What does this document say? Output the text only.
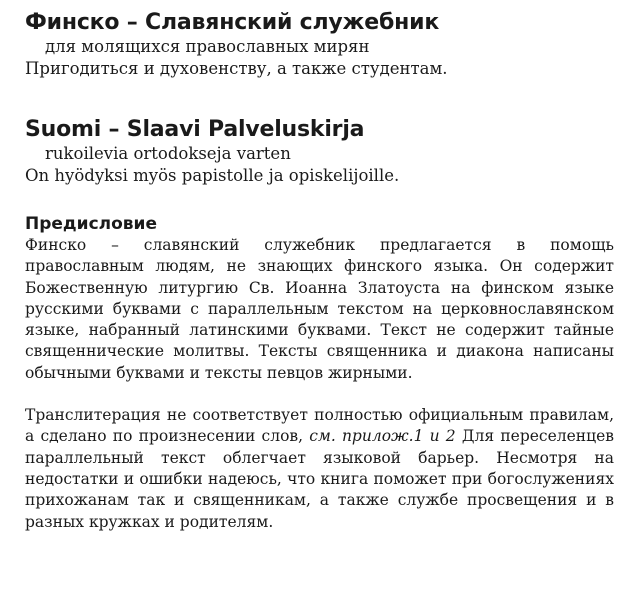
Финско – Славянский служебник
для молящихся православных мирян
Пригодиться и духовенству, а также студентам.
Suomi – Slaavi Palveluskirja
rukoilevia ortodokseja varten
On hyödyksi myös papistolle ja opiskelijoille.
Предисловие
Финско – славянский служебник предлагается в помощь православным людям, не знающих финского языка. Он содержит Божественную литургию Св. Иоанна Златоуста на финском языке русскими буквами с параллельным текстом на церковнославянском языке, набранный латинскими буквами. Текст не содержит тайные священнические молитвы. Тексты священника и диакона написаны обычными буквами и тексты певцов жирными.
Транслитерация не соответствует полностью официальным правилам, а сделано по произнесении слов, см. прилож.1 и 2 Для переселенцев параллельный текст облегчает языковой барьер. Несмотря на недостатки и ошибки надеюсь, что книга поможет при богослужениях прихожанам так и священникам, а также службе просвещения и в разных кружках и родителям.
